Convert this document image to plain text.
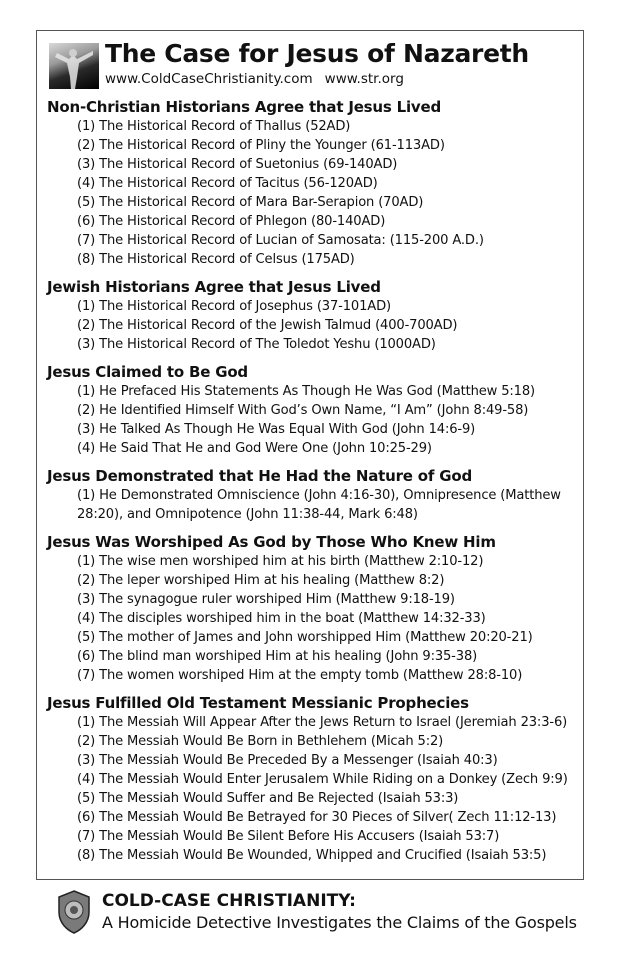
The Case for Jesus of Nazareth
www.ColdCaseChristianity.com www.str.org
Non-Christian Historians Agree that Jesus Lived
(1) The Historical Record of Thallus (52AD)
(2) The Historical Record of Pliny the Younger (61-113AD)
(3) The Historical Record of Suetonius (69-140AD)
(4) The Historical Record of Tacitus (56-120AD)
(5) The Historical Record of Mara Bar-Serapion (70AD)
(6) The Historical Record of Phlegon (80-140AD)
(7) The Historical Record of Lucian of Samosata: (115-200 A.D.)
(8) The Historical Record of Celsus (175AD)
Jewish Historians Agree that Jesus Lived
(1) The Historical Record of Josephus (37-101AD)
(2) The Historical Record of the Jewish Talmud (400-700AD)
(3) The Historical Record of The Toledot Yeshu (1000AD)
Jesus Claimed to Be God
(1) He Prefaced His Statements As Though He Was God (Matthew 5:18)
(2) He Identified Himself With God’s Own Name, “I Am” (John 8:49-58)
(3) He Talked As Though He Was Equal With God (John 14:6-9)
(4) He Said That He and God Were One (John 10:25-29)
Jesus Demonstrated that He Had the Nature of God
(1) He Demonstrated Omniscience (John 4:16-30), Omnipresence (Matthew 28:20), and Omnipotence (John 11:38-44, Mark 6:48)
Jesus Was Worshiped As God by Those Who Knew Him
(1) The wise men worshiped him at his birth (Matthew 2:10-12)
(2) The leper worshiped Him at his healing (Matthew 8:2)
(3) The synagogue ruler worshiped Him (Matthew 9:18-19)
(4) The disciples worshiped him in the boat (Matthew 14:32-33)
(5) The mother of James and John worshipped Him (Matthew 20:20-21)
(6) The blind man worshiped Him at his healing (John 9:35-38)
(7) The women worshiped Him at the empty tomb (Matthew 28:8-10)
Jesus Fulfilled Old Testament Messianic Prophecies
(1) The Messiah Will Appear After the Jews Return to Israel (Jeremiah 23:3-6)
(2) The Messiah Would Be Born in Bethlehem (Micah 5:2)
(3) The Messiah Would Be Preceded By a Messenger (Isaiah 40:3)
(4) The Messiah Would Enter Jerusalem While Riding on a Donkey (Zech 9:9)
(5) The Messiah Would Suffer and Be Rejected (Isaiah 53:3)
(6) The Messiah Would Be Betrayed for 30 Pieces of Silver( Zech 11:12-13)
(7) The Messiah Would Be Silent Before His Accusers (Isaiah 53:7)
(8) The Messiah Would Be Wounded, Whipped and Crucified (Isaiah 53:5)
COLD-CASE CHRISTIANITY:
A Homicide Detective Investigates the Claims of the Gospels
